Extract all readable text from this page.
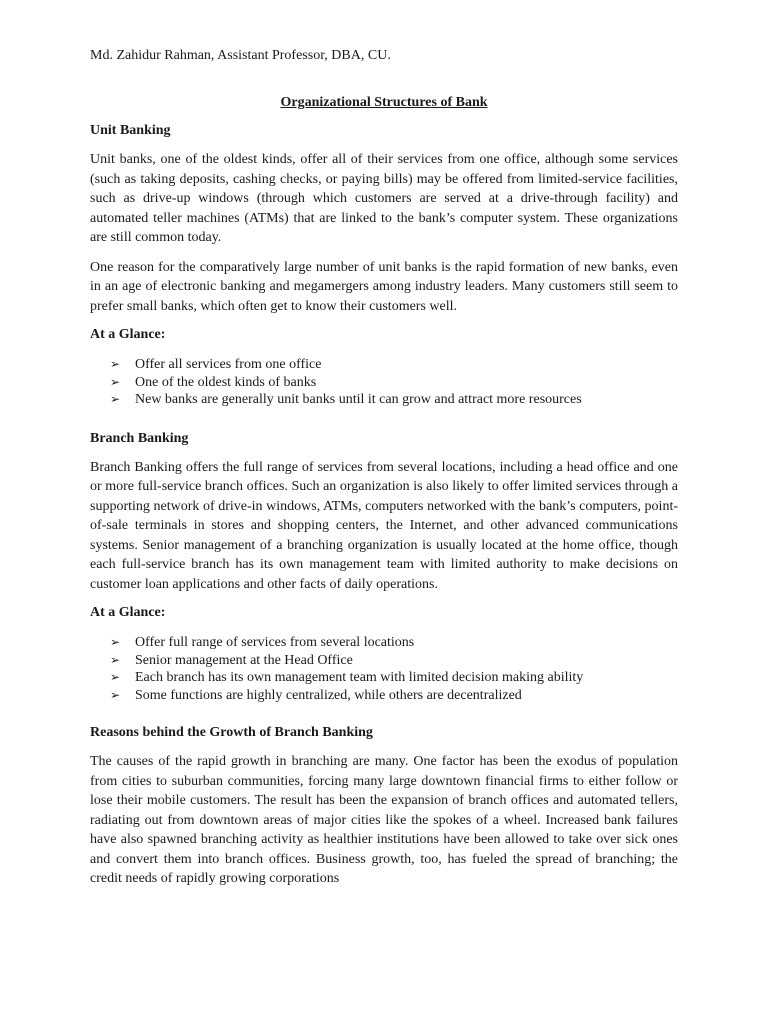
Md. Zahidur Rahman, Assistant Professor, DBA, CU.
Organizational Structures of Bank
Unit Banking

Unit banks, one of the oldest kinds, offer all of their services from one office, although some services (such as taking deposits, cashing checks, or paying bills) may be offered from limited-service facilities, such as drive-up windows (through which customers are served at a drive-through facility) and automated teller machines (ATMs) that are linked to the bank’s computer system. These organizations are still common today.

One reason for the comparatively large number of unit banks is the rapid formation of new banks, even in an age of electronic banking and megamergers among industry leaders. Many customers still seem to prefer small banks, which often get to know their customers well.

At a Glance:
➢ Offer all services from one office
➢ One of the oldest kinds of banks
➢ New banks are generally unit banks until it can grow and attract more resources
Branch Banking

Branch Banking offers the full range of services from several locations, including a head office and one or more full-service branch offices. Such an organization is also likely to offer limited services through a supporting network of drive-in windows, ATMs, computers networked with the bank’s computers, point-of-sale terminals in stores and shopping centers, the Internet, and other advanced communications systems. Senior management of a branching organization is usually located at the home office, though each full-service branch has its own management team with limited authority to make decisions on customer loan applications and other facts of daily operations.

At a Glance:
➢ Offer full range of services from several locations
➢ Senior management at the Head Office
➢ Each branch has its own management team with limited decision making ability
➢ Some functions are highly centralized, while others are decentralized
Reasons behind the Growth of Branch Banking

The causes of the rapid growth in branching are many. One factor has been the exodus of population from cities to suburban communities, forcing many large downtown financial firms to either follow or lose their mobile customers. The result has been the expansion of branch offices and automated tellers, radiating out from downtown areas of major cities like the spokes of a wheel. Increased bank failures have also spawned branching activity as healthier institutions have been allowed to take over sick ones and convert them into branch offices. Business growth, too, has fueled the spread of branching; the credit needs of rapidly growing corporations
